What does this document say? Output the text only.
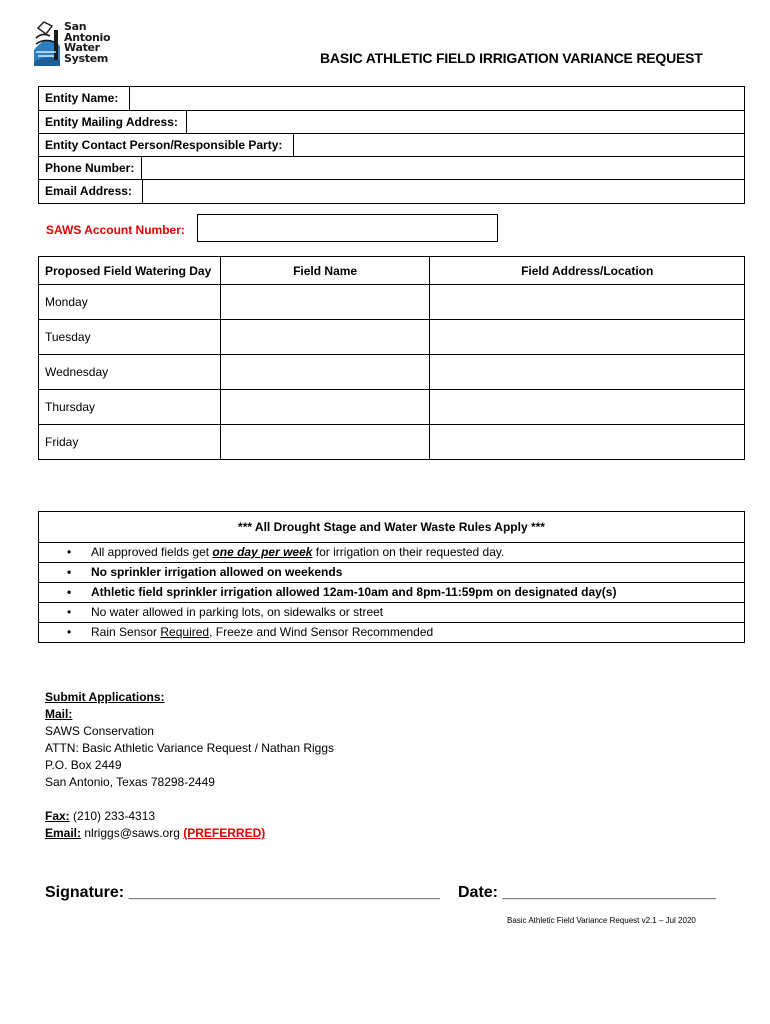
San
Antonio
Water
System	BASIC ATHLETIC FIELD IRRIGATION VARIANCE REQUEST
Entity Name:
Entity Mailing Address:
Entity Contact Person/Responsible Party:
Phone Number:
Email Address:
SAWS Account Number:
Proposed Field Watering Day	Field Name	Field Address/Location
Monday		
Tuesday		
Wednesday		
Thursday		
Friday		
*** All Drought Stage and Water Waste Rules Apply ***
• All approved fields get one day per week for irrigation on their requested day.
• No sprinkler irrigation allowed on weekends
• Athletic field sprinkler irrigation allowed 12am-10am and 8pm-11:59pm on designated day(s)
• No water allowed in parking lots, on sidewalks or street
• Rain Sensor Required, Freeze and Wind Sensor Recommended
Submit Applications:
Mail:
SAWS Conservation
ATTN: Basic Athletic Variance Request / Nathan Riggs
P.O. Box 2449
San Antonio, Texas 78298-2449
Fax: (210) 233-4313
Email: nlriggs@saws.org (PREFERRED)
Signature: ___________________________________ Date: ________________________
Basic Athletic Field Variance Request v2.1 – Jul 2020
